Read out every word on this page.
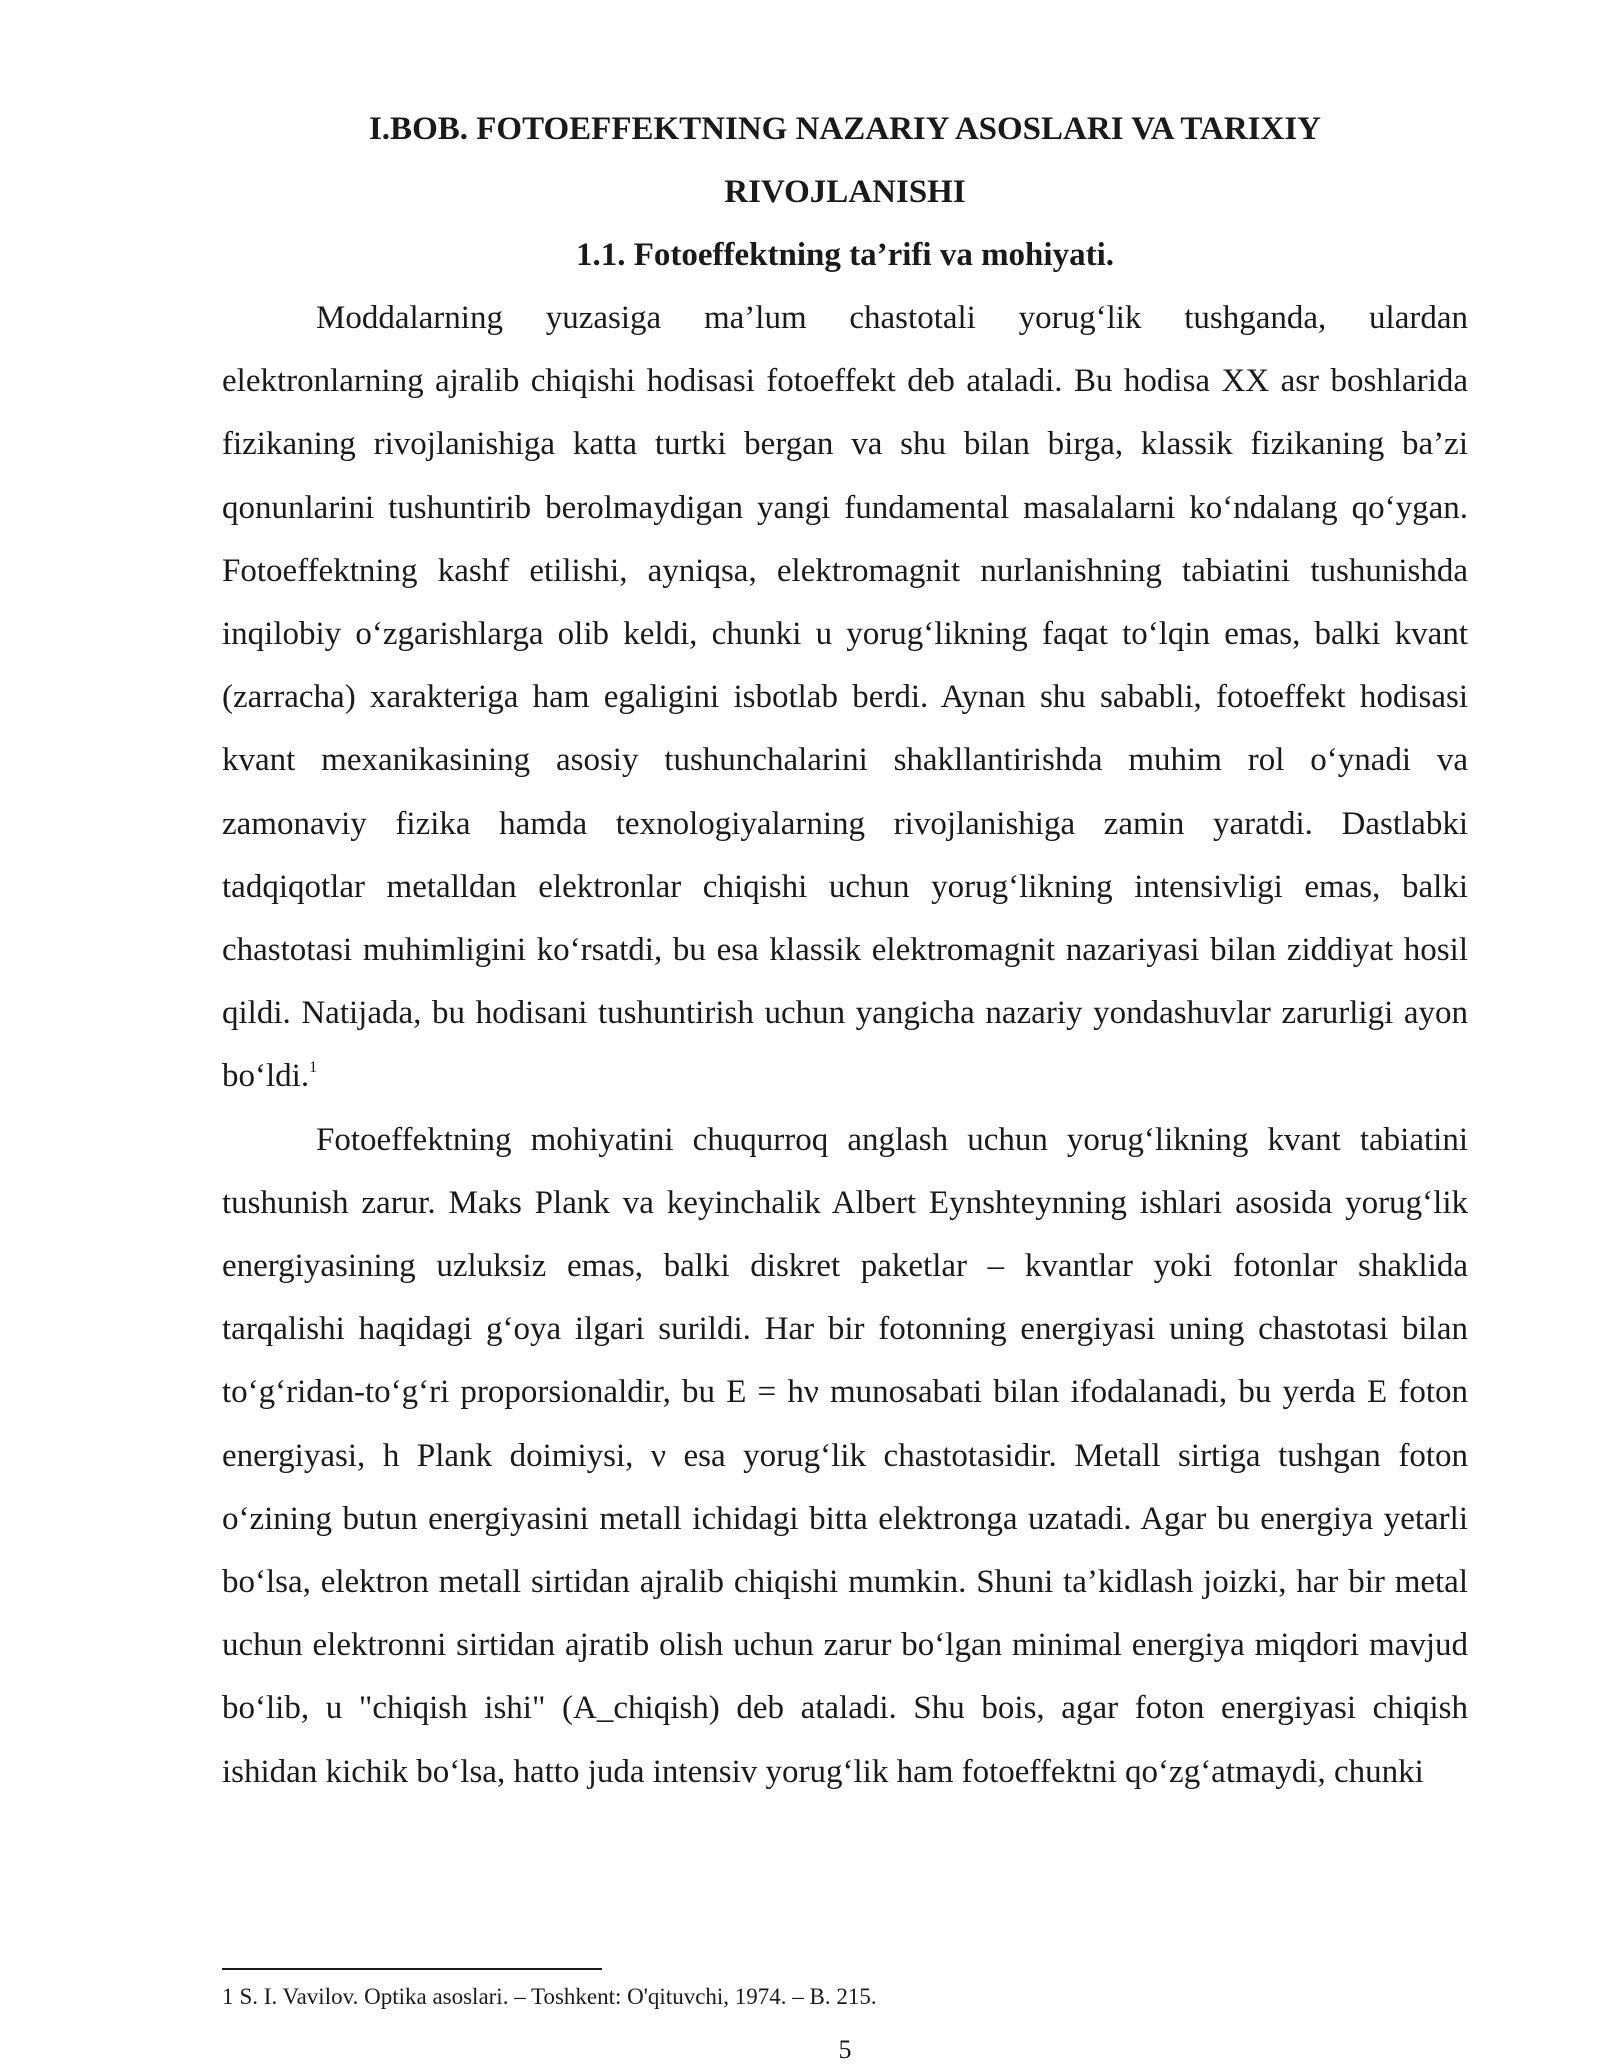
I.BOB. FOTOEFFEKTNING NAZARIY ASOSLARI VA TARIXIY
RIVOJLANISHI
1.1. Fotoeffektning ta’rifi va mohiyati.

Moddalarning yuzasiga ma’lum chastotali yorug‘lik tushganda, ulardan elektronlarning ajralib chiqishi hodisasi fotoeffekt deb ataladi. Bu hodisa XX asr boshlarida fizikaning rivojlanishiga katta turtki bergan va shu bilan birga, klassik fizikaning ba’zi qonunlarini tushuntirib berolmaydigan yangi fundamental masalalarni ko‘ndalang qo‘ygan. Fotoeffektning kashf etilishi, ayniqsa, elektromagnit nurlanishning tabiatini tushunishda inqilobiy o‘zgarishlarga olib keldi, chunki u yorug‘likning faqat to‘lqin emas, balki kvant (zarracha) xarakteriga ham egaligini isbotlab berdi. Aynan shu sababli, fotoeffekt hodisasi kvant mexanikasining asosiy tushunchalarini shakllantirishda muhim rol o‘ynadi va zamonaviy fizika hamda texnologiyalarning rivojlanishiga zamin yaratdi. Dastlabki tadqiqotlar metalldan elektronlar chiqishi uchun yorug‘likning intensivligi emas, balki chastotasi muhimligini ko‘rsatdi, bu esa klassik elektromagnit nazariyasi bilan ziddiyat hosil qildi. Natijada, bu hodisani tushuntirish uchun yangicha nazariy yondashuvlar zarurligi ayon bo‘ldi.$^1$

Fotoeffektning mohiyatini chuqurroq anglash uchun yorug‘likning kvant tabiatini tushunish zarur. Maks Plank va keyinchalik Albert Eynshteynning ishlari asosida yorug‘lik energiyasining uzluksiz emas, balki diskret paketlar – kvantlar yoki fotonlar shaklida tarqalishi haqidagi g‘oya ilgari surildi. Har bir fotonning energiyasi uning chastotasi bilan to‘g‘ridan-to‘g‘ri proporsionaldir, bu E = hν munosabati bilan ifodalanadi, bu yerda E foton energiyasi, h Plank doimiysi, ν esa yorug‘lik chastotasidir. Metall sirtiga tushgan foton o‘zining butun energiyasini metall ichidagi bitta elektronga uzatadi. Agar bu energiya yetarli bo‘lsa, elektron metall sirtidan ajralib chiqishi mumkin. Shuni ta’kidlash joizki, har bir metal uchun elektronni sirtidan ajratib olish uchun zarur bo‘lgan minimal energiya miqdori mavjud bo‘lib, u "chiqish ishi" (A_chiqish) deb ataladi. Shu bois, agar foton energiyasi chiqish ishidan kichik bo‘lsa, hatto juda intensiv yorug‘lik ham fotoeffektni qo‘zg‘atmaydi, chunki

1 S. I. Vavilov. Optika asoslari. – Toshkent: O'qituvchi, 1974. – B. 215.
5
